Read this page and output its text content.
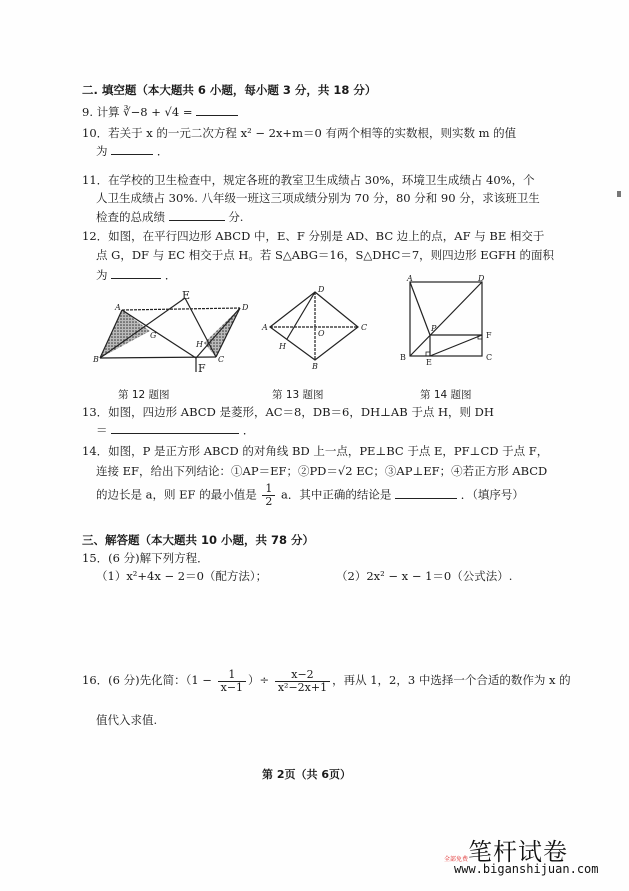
二. 填空题（本大题共 6 小题，每小题 3 分，共 18 分）
9. 计算 ∛−8 + √4 =
10．若关于 x 的一元二次方程 x² − 2x+m＝0 有两个相等的实数根，则实数 m 的值
为	．
11．在学校的卫生检查中，规定各班的教室卫生成绩占 30%，环境卫生成绩占 40%，个
人卫生成绩占 30%. 八年级一班这三项成绩分别为 70 分，80 分和 90 分，求该班卫生
检查的总成绩	分.
12．如图，在平行四边形 ABCD 中，E、F 分别是 AD、BC 边上的点，AF 与 BE 相交于
点 G，DF 与 EC 相交于点 H。若 S△ABG＝16，S△DHC＝7，则四边形 EGFH 的面积
为	．
A
E
D
B
F
C
G
H
第 12 题图
D
A	C
B
O
H
第 13 题图
A	D
B	C
P
F
E
第 14 题图
13．如图，四边形 ABCD 是菱形，AC＝8，DB＝6，DH⊥AB 于点 H，则 DH
＝	．
14．如图，P 是正方形 ABCD 的对角线 BD 上一点，PE⊥BC 于点 E，PF⊥CD 于点 F，
连接 EF，给出下列结论：①AP＝EF；②PD＝√2 EC；③AP⊥EF；④若正方形 ABCD
的边长是 a，则 EF 的最小值是 $\frac{1}{2}$ a．其中正确的结论是	．（填序号）
三、解答题（本大题共 10 小题，共 78 分）
15．(6 分)解下列方程．
（1）x²+4x − 2＝0（配方法）；	（2）2x² − x − 1＝0（公式法）.
16．(6 分)先化简：（$1 - \frac{1}{x-1}$ ）÷ $\frac{x-2}{\text{x²−2x+1}}$ ，再从 1，2，3 中选择一个合适的数作为 x 的
值代入求值.
第 2页（共 6页）
笔杆试卷
全部免费
www.biganshijuan.com
